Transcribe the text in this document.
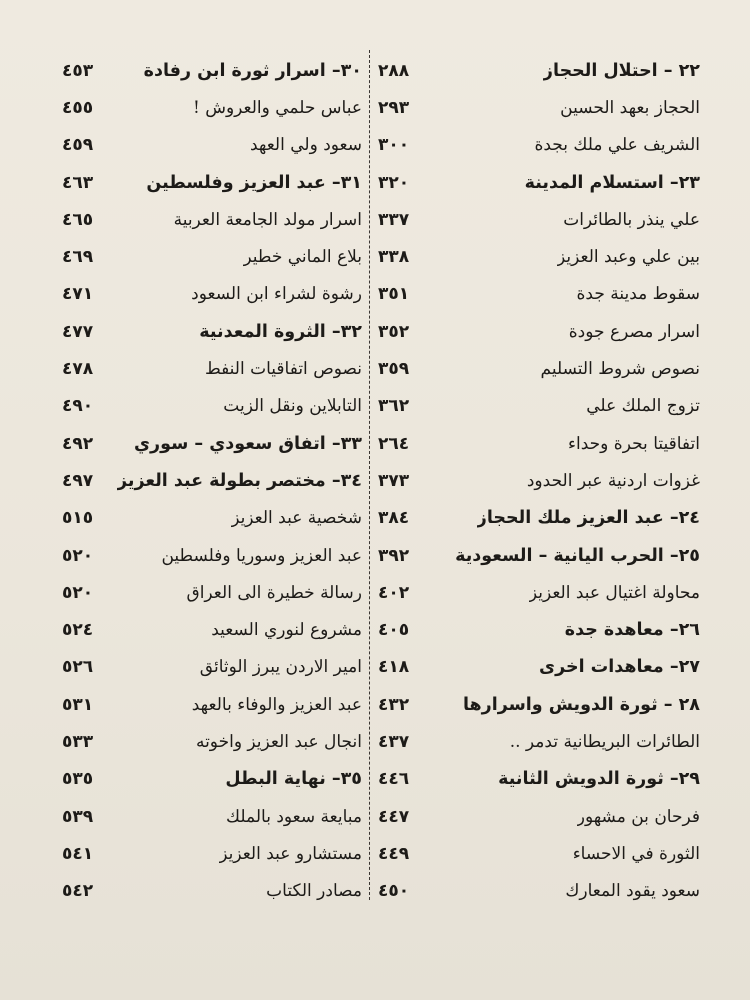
٢٨٨	٢٢ – احتلال الحجاز
٢٩٣	الحجاز بعهد الحسين
٣٠٠	الشريف علي ملك بجدة
٣٢٠	٢٣– استسلام المدينة
٣٣٧	علي ينذر بالطائرات
٣٣٨	بين علي وعبد العزيز
٣٥١	سقوط مدينة جدة
٣٥٢	اسرار مصرع جودة
٣٥٩	نصوص شروط التسليم
٣٦٢	تزوج الملك علي
٢٦٤	اتفاقيتا بحرة وحداء
٣٧٣	غزوات اردنية عبر الحدود
٣٨٤	٢٤– عبد العزيز ملك الحجاز
٣٩٢	٢٥– الحرب اليانية – السعودية
٤٠٢	محاولة اغتيال عبد العزيز
٤٠٥	٢٦– معاهدة جدة
٤١٨	٢٧– معاهدات اخرى
٤٣٢	٢٨ – ثورة الدويش واسرارها
٤٣٧	الطائرات البريطانية تدمر ..
٤٤٦	٢٩– ثورة الدويش الثانية
٤٤٧	فرحان بن مشهور
٤٤٩	الثورة في الاحساء
٤٥٠	سعود يقود المعارك
٤٥٣	٣٠– اسرار ثورة ابن رفادة
٤٥٥	عباس حلمي والعروش !
٤٥٩	سعود ولي العهد
٤٦٣	٣١– عبد العزيز وفلسطين
٤٦٥	اسرار مولد الجامعة العربية
٤٦٩	بلاع الماني خطير
٤٧١	رشوة لشراء ابن السعود
٤٧٧	٣٢– الثروة المعدنية
٤٧٨	نصوص اتفاقيات النفط
٤٩٠	التابلاين ونقل الزيت
٤٩٢ ٣٣– اتفاق سعودي – سوري
٤٩٧ ٣٤– مختصر بطولة عبد العزيز
٥١٥	شخصية عبد العزيز
٥٢٠	عبد العزيز وسوريا وفلسطين
٥٢٠	رسالة خطيرة الى العراق
٥٢٤	مشروع لنوري السعيد
٥٢٦	امير الاردن يبرز الوثائق
٥٣١	عبد العزيز والوفاء بالعهد
٥٣٣	انجال عبد العزيز واخوته
٥٣٥	٣٥– نهاية البطل
٥٣٩	مبايعة سعود بالملك
٥٤١	مستشارو عبد العزيز
٥٤٢	مصادر الكتاب
